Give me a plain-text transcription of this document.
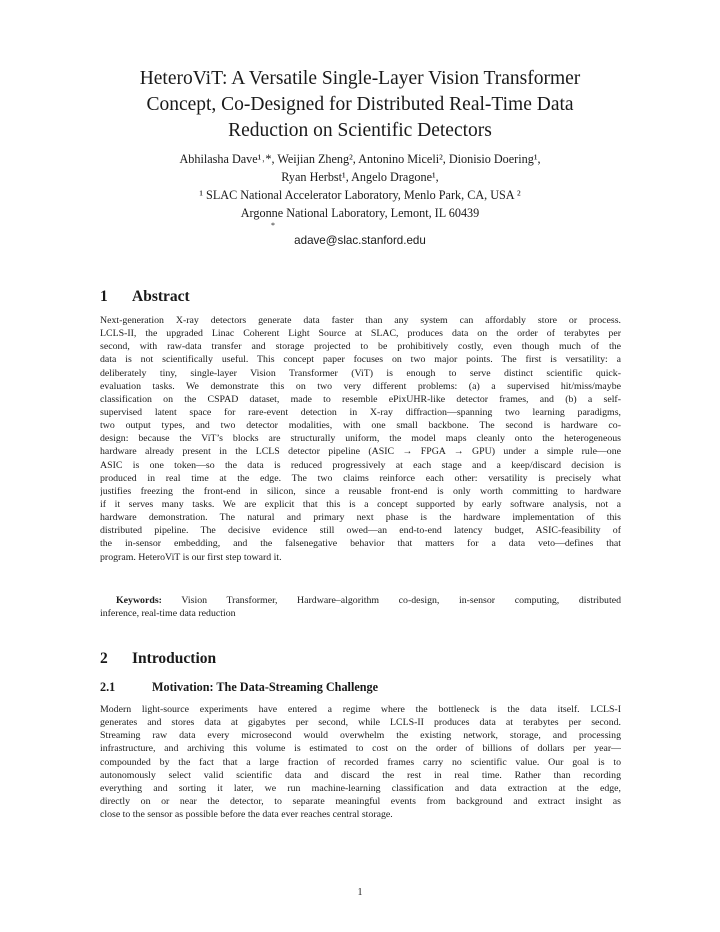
HeteroViT: A Versatile Single-Layer Vision Transformer
Concept, Co-Designed for Distributed Real-Time Data
Reduction on Scientific Detectors
Abhilasha Dave¹˒*, Weijian Zheng², Antonino Miceli², Dionisio Doering¹,
Ryan Herbst¹, Angelo Dragone¹,
¹ SLAC National Accelerator Laboratory, Menlo Park, CA, USA ²
Argonne National Laboratory, Lemont, IL 60439
*
adave@slac.stanford.edu
1 Abstract
Next-generation X-ray detectors generate data faster than any system can affordably store or process.
LCLS-II, the upgraded Linac Coherent Light Source at SLAC, produces data on the order of terabytes per
second, with raw-data transfer and storage projected to be prohibitively costly, even though much of the
data is not scientifically useful. This concept paper focuses on two major points. The first is versatility: a
deliberately tiny, single-layer Vision Transformer (ViT) is enough to serve distinct scientific quick-
evaluation tasks. We demonstrate this on two very different problems: (a) a supervised hit/miss/maybe
classification on the CSPAD dataset, made to resemble ePixUHR-like detector frames, and (b) a self-
supervised latent space for rare-event detection in X-ray diffraction—spanning two learning paradigms,
two output types, and two detector modalities, with one small backbone. The second is hardware co-
design: because the ViT’s blocks are structurally uniform, the model maps cleanly onto the heterogeneous
hardware already present in the LCLS detector pipeline (ASIC → FPGA → GPU) under a simple rule—one
ASIC is one token—so the data is reduced progressively at each stage and a keep/discard decision is
produced in real time at the edge. The two claims reinforce each other: versatility is precisely what
justifies freezing the front-end in silicon, since a reusable front-end is only worth committing to hardware
if it serves many tasks. We are explicit that this is a concept supported by early software analysis, not a
hardware demonstration. The natural and primary next phase is the hardware implementation of this
distributed pipeline. The decisive evidence still owed—an end-to-end latency budget, ASIC-feasibility of
the in-sensor embedding, and the falsenegative behavior that matters for a data veto—defines that
program. HeteroViT is our first step toward it.
Keywords: Vision Transformer, Hardware–algorithm co-design, in-sensor computing, distributed
inference, real-time data reduction
2 Introduction
2.1	Motivation: The Data-Streaming Challenge
Modern light-source experiments have entered a regime where the bottleneck is the data itself. LCLS-I
generates and stores data at gigabytes per second, while LCLS-II produces data at terabytes per second.
Streaming raw data every microsecond would overwhelm the existing network, storage, and processing
infrastructure, and archiving this volume is estimated to cost on the order of billions of dollars per year—
compounded by the fact that a large fraction of recorded frames carry no scientific value. Our goal is to
autonomously select valid scientific data and discard the rest in real time. Rather than recording
everything and sorting it later, we run machine-learning classification and data extraction at the edge,
directly on or near the detector, to separate meaningful events from background and extract insight as
close to the sensor as possible before the data ever reaches central storage.
1
